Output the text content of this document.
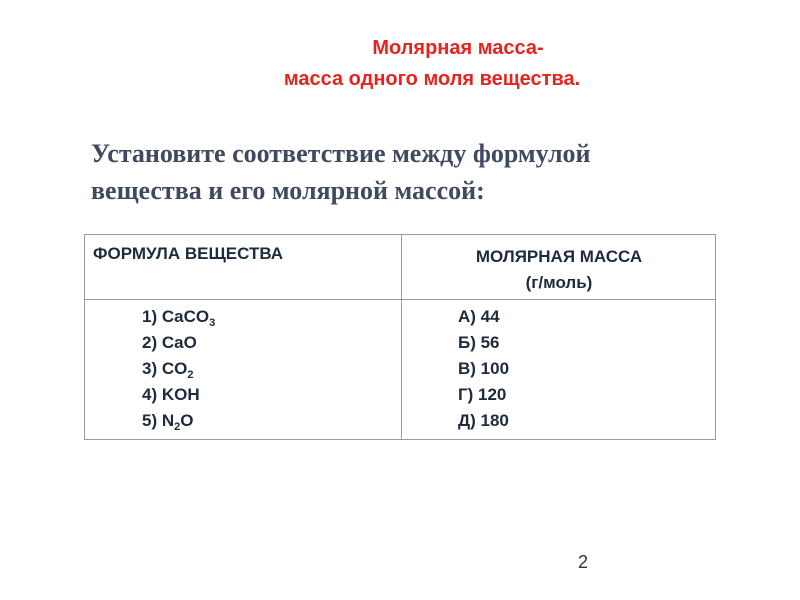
Молярная масса-
масса одного моля вещества.
Установите соответствие между формулой
вещества и его молярной массой:
ФОРМУЛА ВЕЩЕСТВА	МОЛЯРНАЯ МАССА
(г/моль)
1) CaCO$_3$
2) CaO
3) $CO_2$
4) KOH
5) $N_2O$
А) 44
Б) 56
В) 100
Г) 120
Д) 180
2
